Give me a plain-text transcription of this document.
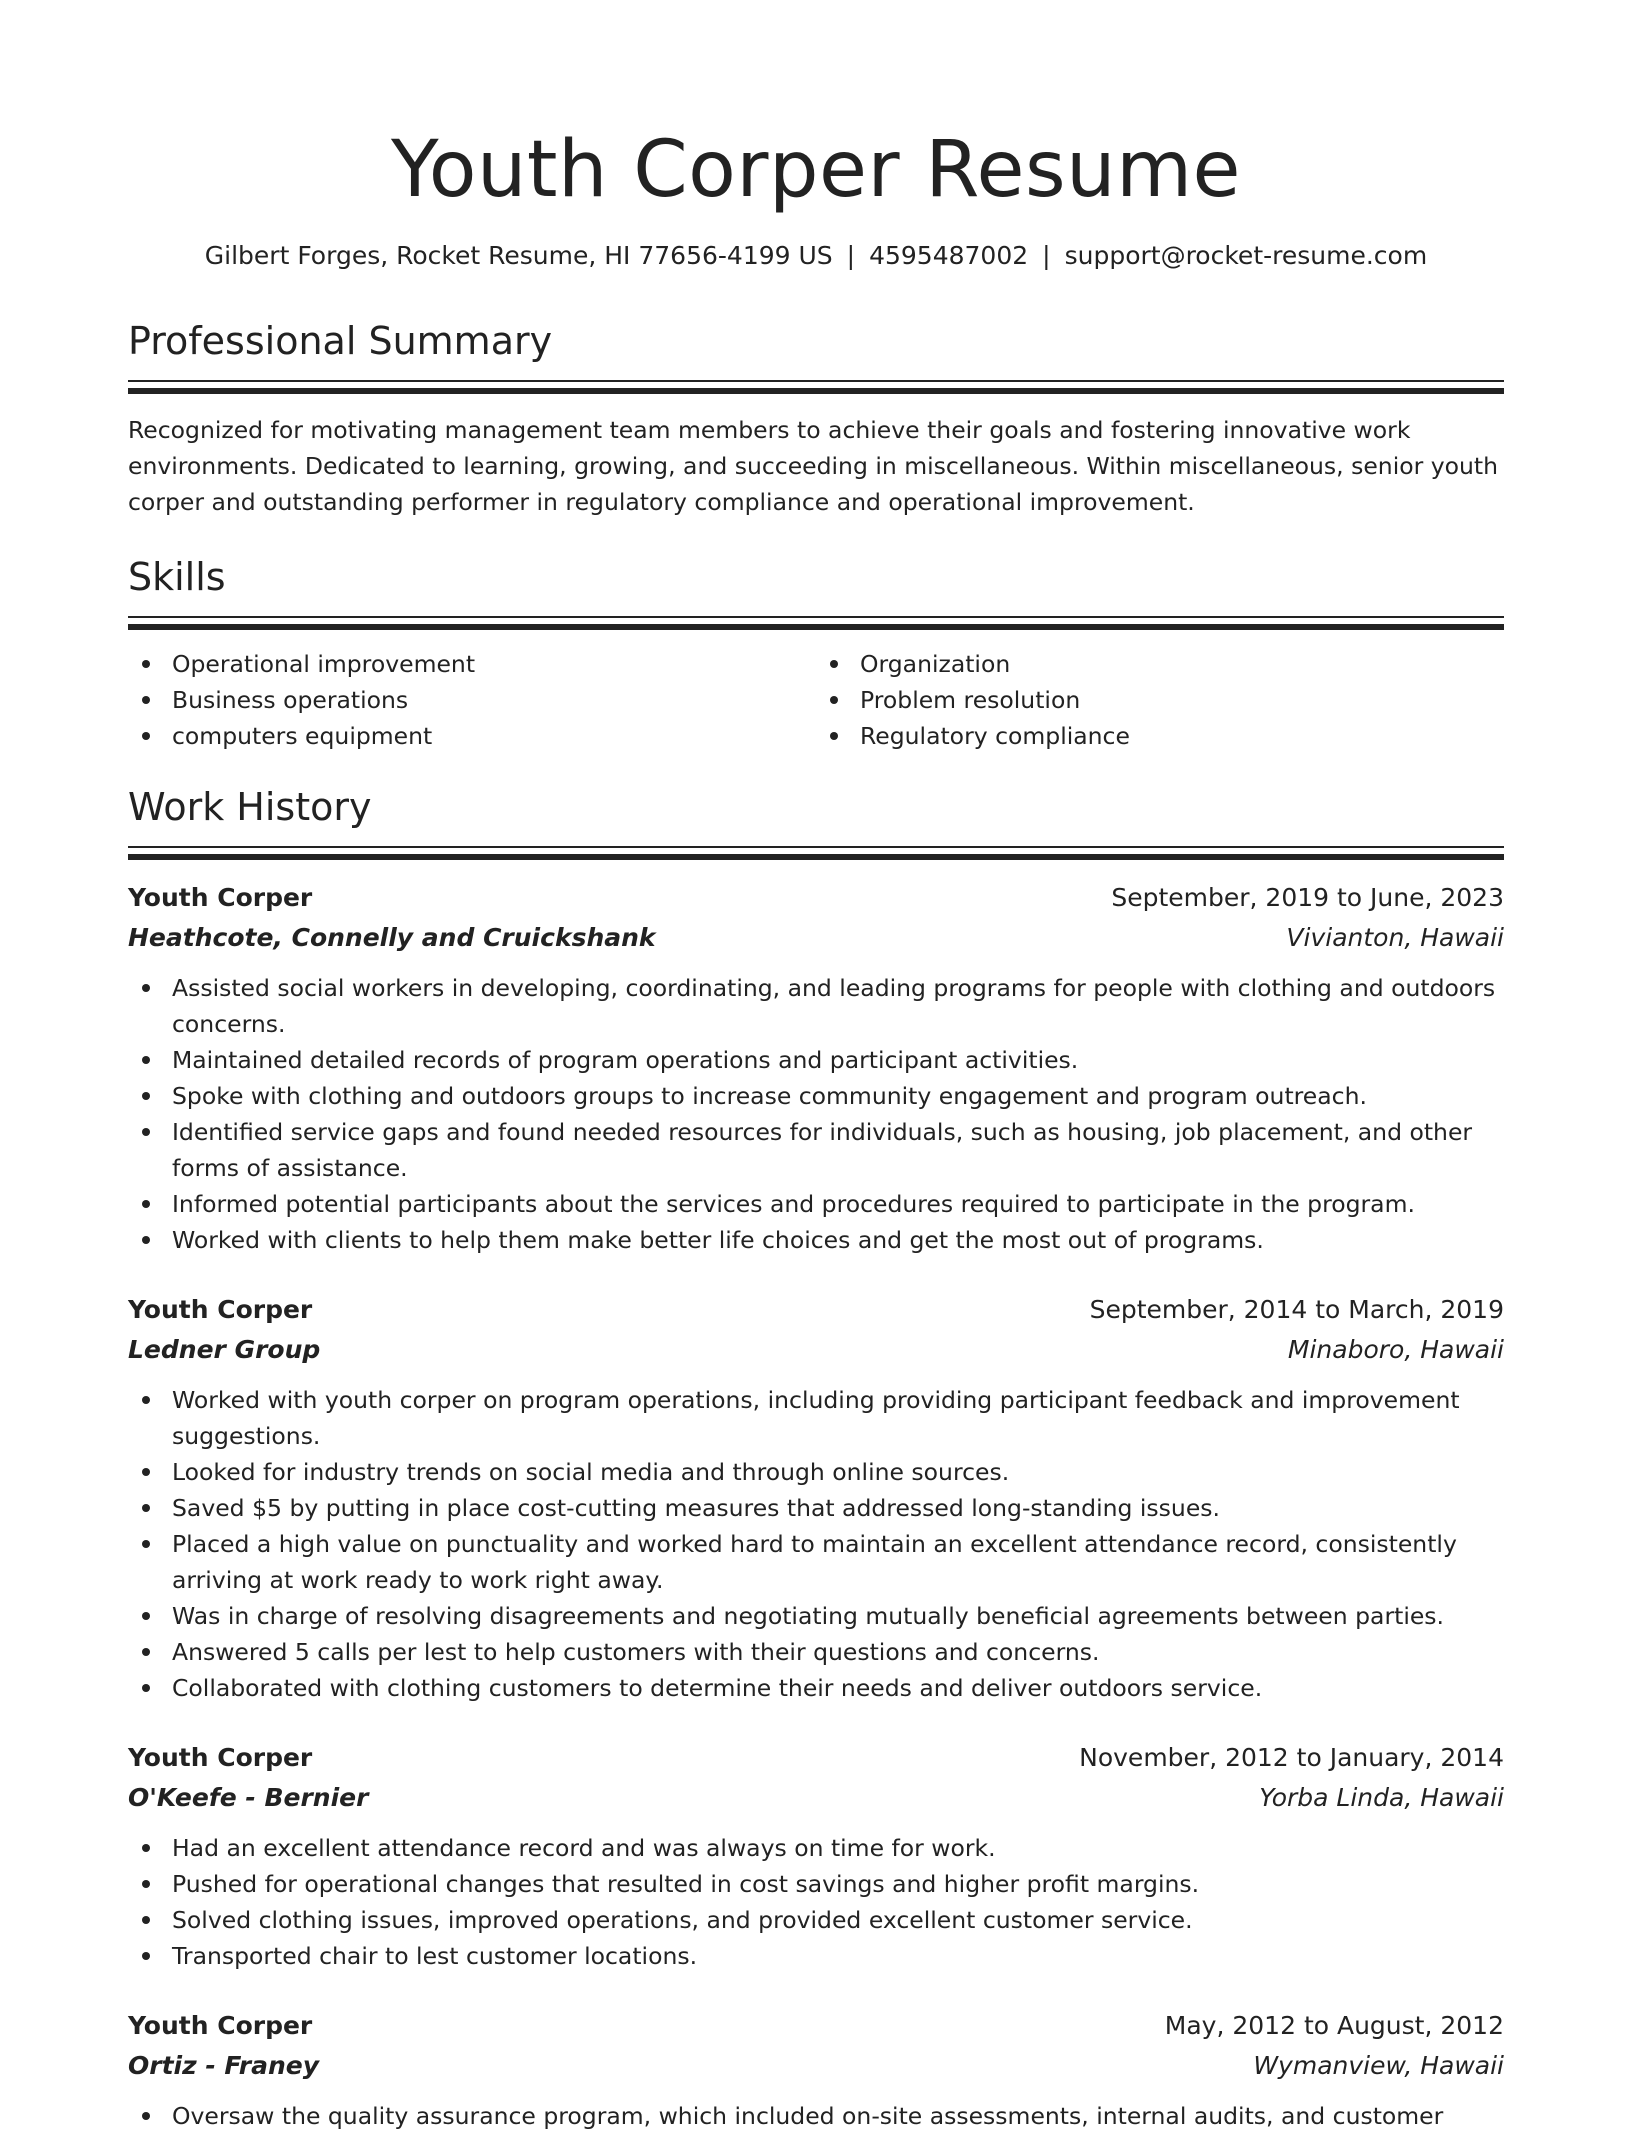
Youth Corper Resume
Gilbert Forges, Rocket Resume, HI 77656-4199 US | 4595487002 | support@rocket-resume.com
Professional Summary

Recognized for motivating management team members to achieve their goals and fostering innovative work environments. Dedicated to learning, growing, and succeeding in miscellaneous. Within miscellaneous, senior youth corper and outstanding performer in regulatory compliance and operational improvement.

Skills
Operational improvement
Business operations
computers equipment
Organization
Problem resolution
Regulatory compliance
Work History
Youth Corper	September, 2019 to June, 2023
Heathcote, Connelly and Cruickshank	Vivianton, Hawaii
Assisted social workers in developing, coordinating, and leading programs for people with clothing and outdoors concerns.
Maintained detailed records of program operations and participant activities.
Spoke with clothing and outdoors groups to increase community engagement and program outreach.
Identified service gaps and found needed resources for individuals, such as housing, job placement, and other forms of assistance.
Informed potential participants about the services and procedures required to participate in the program.
Worked with clients to help them make better life choices and get the most out of programs.
Youth Corper	September, 2014 to March, 2019
Ledner Group	Minaboro, Hawaii
Worked with youth corper on program operations, including providing participant feedback and improvement suggestions.
Looked for industry trends on social media and through online sources.
Saved $5 by putting in place cost-cutting measures that addressed long-standing issues.
Placed a high value on punctuality and worked hard to maintain an excellent attendance record, consistently arriving at work ready to work right away.
Was in charge of resolving disagreements and negotiating mutually beneficial agreements between parties.
Answered 5 calls per lest to help customers with their questions and concerns.
Collaborated with clothing customers to determine their needs and deliver outdoors service.
Youth Corper	November, 2012 to January, 2014
O'Keefe - Bernier	Yorba Linda, Hawaii
Had an excellent attendance record and was always on time for work.
Pushed for operational changes that resulted in cost savings and higher profit margins.
Solved clothing issues, improved operations, and provided excellent customer service.
Transported chair to lest customer locations.
Youth Corper	May, 2012 to August, 2012
Ortiz - Franey	Wymanview, Hawaii
Oversaw the quality assurance program, which included on-site assessments, internal audits, and customer
